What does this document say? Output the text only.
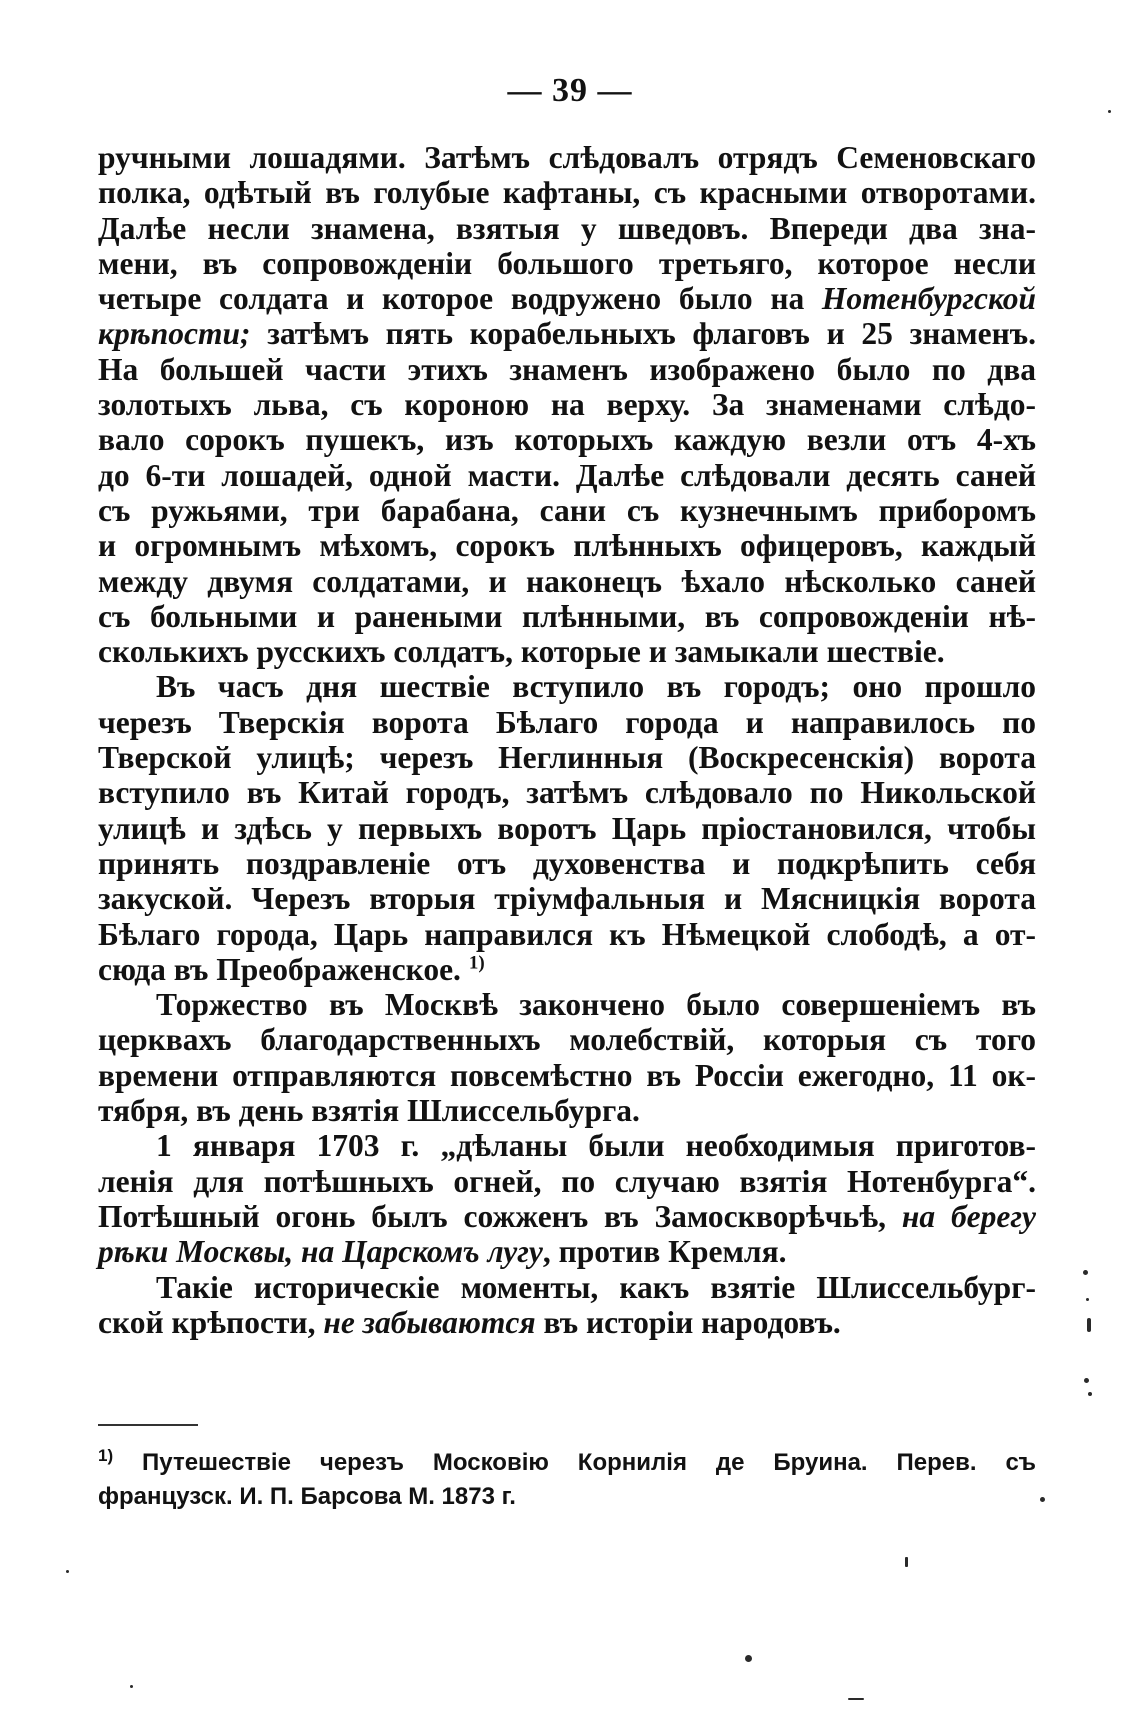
— 39 —
ручными лошадями. Затѣмъ слѣдовалъ отрядъ Семеновскаго
полка, одѣтый въ голубые кафтаны, съ красными отворотами.
Далѣе несли знамена, взятыя у шведовъ. Впереди два зна-
мени, въ сопровожденіи большого третьяго, которое несли
четыре солдата и которое водружено было на Нотенбургской
крѣпости; затѣмъ пять корабельныхъ флаговъ и 25 знаменъ.
На большей части этихъ знаменъ изображено было по два
золотыхъ льва, съ короною на верху. За знаменами слѣдо-
вало сорокъ пушекъ, изъ которыхъ каждую везли отъ 4-хъ
до 6-ти лошадей, одной масти. Далѣе слѣдовали десять саней
съ ружьями, три барабана, сани съ кузнечнымъ приборомъ
и огромнымъ мѣхомъ, сорокъ плѣнныхъ офицеровъ, каждый
между двумя солдатами, и наконецъ ѣхало нѣсколько саней
съ больными и ранеными плѣнными, въ сопровожденіи нѣ-
сколькихъ русскихъ солдатъ, которые и замыкали шествіе.
Въ часъ дня шествіе вступило въ городъ; оно прошло
черезъ Тверскія ворота Бѣлаго города и направилось по
Тверской улицѣ; черезъ Неглинныя (Воскресенскія) ворота
вступило въ Китай городъ, затѣмъ слѣдовало по Никольской
улицѣ и здѣсь у первыхъ воротъ Царь пріостановился, чтобы
принять поздравленіе отъ духовенства и подкрѣпить себя
закуской. Черезъ вторыя тріумфальныя и Мясницкія ворота
Бѣлаго города, Царь направился къ Нѣмецкой слободѣ, а от-
сюда въ Преображенское. $^{1)}$
Торжество въ Москвѣ закончено было совершеніемъ въ
церквахъ благодарственныхъ молебствій, которыя съ того
времени отправляются повсемѣстно въ Россіи ежегодно, 11 ок-
тября, въ день взятія Шлиссельбурга.
1 января 1703 г. „дѣланы были необходимыя приготов-
ленія для потѣшныхъ огней, по случаю взятія Нотенбурга“.
Потѣшный огонь былъ сожженъ въ Замоскворѣчьѣ, на берегу
рѣки Москвы, на Царскомъ лугу, против Кремля.
Такіе историческіе моменты, какъ взятіе Шлиссельбург-
ской крѣпости, не забываются въ исторіи народовъ.
$^{1)}$ Путешествіе черезъ Московію Корнилія де Бруина. Перев. съ
французск. И. П. Барсова М. 1873 г.
